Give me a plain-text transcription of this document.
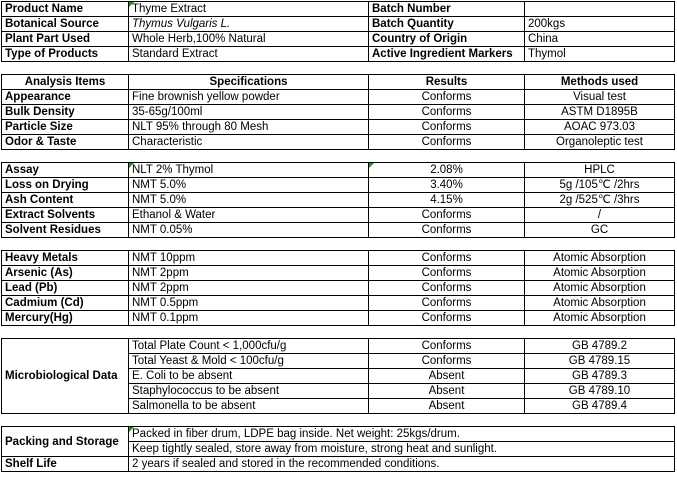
Product Name	Thyme Extract	Batch Number	
Botanical Source	Thymus Vulgaris L.	Batch Quantity	200kgs
Plant Part Used	Whole Herb,100% Natural	Country of Origin	China
Type of Products	Standard Extract	Active Ingredient Markers	Thymol
Analysis Items	Specifications	Results	Methods used
Appearance	Fine brownish yellow powder	Conforms	Visual test
Bulk Density	35-65g/100ml	Conforms	ASTM D1895B
Particle Size	NLT 95% through 80 Mesh	Conforms	AOAC 973.03
Odor & Taste	Characteristic	Conforms	Organoleptic test
Assay	NLT 2% Thymol	2.08%	HPLC
Loss on Drying	NMT 5.0%	3.40%	5g /105℃ /2hrs
Ash Content	NMT 5.0%	4.15%	2g /525℃ /3hrs
Extract Solvents	Ethanol & Water	Conforms	/
Solvent Residues	NMT 0.05%	Conforms	GC
Heavy Metals	NMT 10ppm	Conforms	Atomic Absorption
Arsenic (As)	NMT 2ppm	Conforms	Atomic Absorption
Lead (Pb)	NMT 2ppm	Conforms	Atomic Absorption
Cadmium (Cd)	NMT 0.5ppm	Conforms	Atomic Absorption
Mercury(Hg)	NMT 0.1ppm	Conforms	Atomic Absorption
Microbiological Data	Total Plate Count < 1,000cfu/g	Conforms	GB 4789.2
	Total Yeast & Mold < 100cfu/g	Conforms	GB 4789.15
	E. Coli to be absent	Absent	GB 4789.3
	Staphylococcus to be absent	Absent	GB 4789.10
	Salmonella to be absent	Absent	GB 4789.4
Packing and Storage	Packed in fiber drum, LDPE bag inside. Net weight: 25kgs/drum.
	Keep tightly sealed, store away from moisture, strong heat and sunlight.
Shelf Life	2 years if sealed and stored in the recommended conditions.
